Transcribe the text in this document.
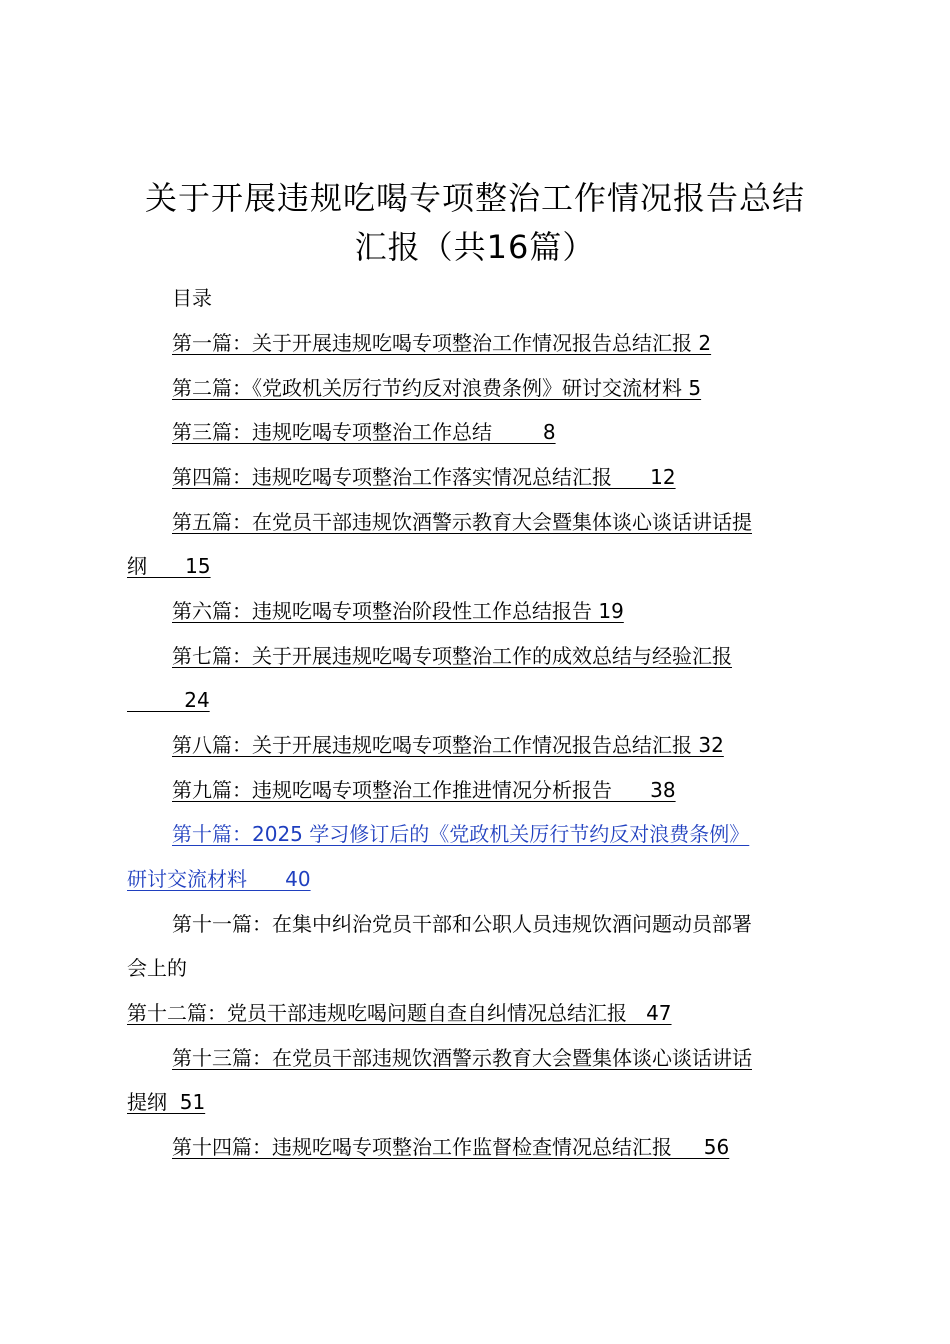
关于开展违规吃喝专项整治工作情况报告总结
汇报（共16篇）
目录
第一篇：关于开展违规吃喝专项整治工作情况报告总结汇报 2
第二篇：《党政机关厉行节约反对浪费条例》研讨交流材料 5
第三篇：违规吃喝专项整治工作总结        8
第四篇：违规吃喝专项整治工作落实情况总结汇报      12
第五篇：在党员干部违规饮酒警示教育大会暨集体谈心谈话讲话提
纲      15
第六篇：违规吃喝专项整治阶段性工作总结报告 19
第七篇：关于开展违规吃喝专项整治工作的成效总结与经验汇报
24
第八篇：关于开展违规吃喝专项整治工作情况报告总结汇报 32
第九篇：违规吃喝专项整治工作推进情况分析报告      38
第十篇：2025 学习修订后的《党政机关厉行节约反对浪费条例》
研讨交流材料      40
第十一篇：在集中纠治党员干部和公职人员违规饮酒问题动员部署
会上的
第十二篇：党员干部违规吃喝问题自查自纠情况总结汇报   47
第十三篇：在党员干部违规饮酒警示教育大会暨集体谈心谈话讲话
提纲  51
第十四篇：违规吃喝专项整治工作监督检查情况总结汇报     56
